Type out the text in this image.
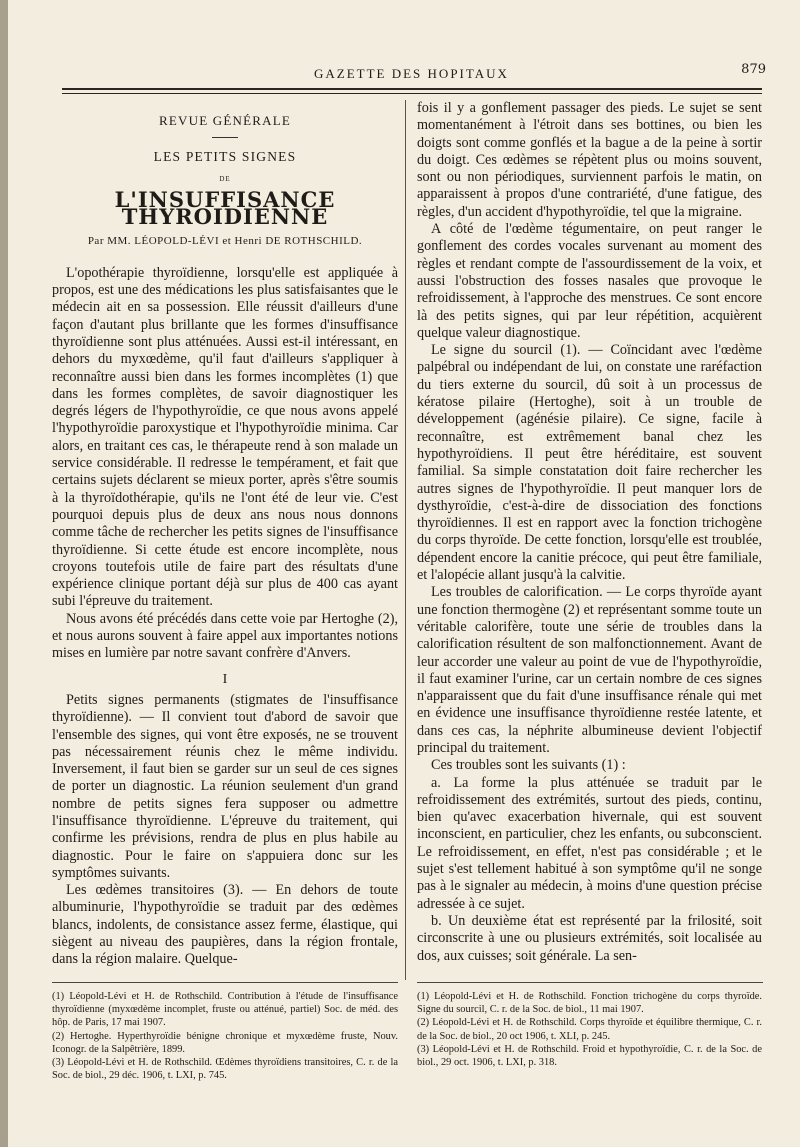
GAZETTE DES HOPITAUX	879
REVUE GÉNÉRALE
LES PETITS SIGNES
DE
L'INSUFFISANCE THYROIDIENNE
Par MM. LÉOPOLD-LÉVI et Henri DE ROTHSCHILD.

L'opothérapie thyroïdienne, lorsqu'elle est appliquée à propos, est une des médications les plus satisfaisantes que le médecin ait en sa possession. Elle réussit d'ailleurs d'une façon d'autant plus brillante que les formes d'insuffisance thyroïdienne sont plus atténuées. Aussi est-il intéressant, en dehors du myxœdème, qu'il faut d'ailleurs s'appliquer à reconnaître aussi bien dans les formes incomplètes (1) que dans les formes complètes, de savoir diagnostiquer les degrés légers de l'hypothyroïdie, ce que nous avons appelé l'hypothyroïdie paroxystique et l'hypothyroïdie minima. Car alors, en traitant ces cas, le thérapeute rend à son malade un service considérable. Il redresse le tempérament, et fait que certains sujets déclarent se mieux porter, après s'être soumis à la thyroïdothérapie, qu'ils ne l'ont été de leur vie. C'est pourquoi depuis plus de deux ans nous nous donnons comme tâche de rechercher les petits signes de l'insuffisance thyroïdienne. Si cette étude est encore incomplète, nous croyons toutefois utile de faire part des résultats d'une expérience clinique portant déjà sur plus de 400 cas ayant subi l'épreuve du traitement.

Nous avons été précédés dans cette voie par Hertoghe (2), et nous aurons souvent à faire appel aux importantes notions mises en lumière par notre savant confrère d'Anvers.

I

Petits signes permanents (stigmates de l'insuffisance thyroïdienne). — Il convient tout d'abord de savoir que l'ensemble des signes, qui vont être exposés, ne se trouvent pas nécessairement réunis chez le même individu. Inversement, il faut bien se garder sur un seul de ces signes de porter un diagnostic. La réunion seulement d'un grand nombre de petits signes fera supposer ou admettre l'insuffisance thyroïdienne. L'épreuve du traitement, qui confirme les prévisions, rendra de plus en plus habile au diagnostic. Pour le faire on s'appuiera donc sur les symptômes suivants.

Les œdèmes transitoires (3). — En dehors de toute albuminurie, l'hypothyroïdie se traduit par des œdèmes blancs, indolents, de consistance assez ferme, élastique, qui siègent au niveau des paupières, dans la région frontale, dans la région malaire. Quelque-

fois il y a gonflement passager des pieds. Le sujet se sent momentanément à l'étroit dans ses bottines, ou bien les doigts sont comme gonflés et la bague a de la peine à sortir du doigt. Ces œdèmes se répètent plus ou moins souvent, sont ou non périodiques, surviennent parfois le matin, on apparaissent à propos d'une contrariété, d'une fatigue, des règles, d'un accident d'hypothyroïdie, tel que la migraine.

A côté de l'œdème tégumentaire, on peut ranger le gonflement des cordes vocales survenant au moment des règles et rendant compte de l'assourdissement de la voix, et aussi l'obstruction des fosses nasales que provoque le refroidissement, à l'approche des menstrues. Ce sont encore là des petits signes, qui par leur répétition, acquièrent quelque valeur diagnostique.

Le signe du sourcil (1). — Coïncidant avec l'œdème palpébral ou indépendant de lui, on constate une raréfaction du tiers externe du sourcil, dû soit à un processus de kératose pilaire (Hertoghe), soit à un trouble de développement (agénésie pilaire). Ce signe, facile à reconnaître, est extrêmement banal chez les hypothyroïdiens. Il peut être héréditaire, est souvent familial. Sa simple constatation doit faire rechercher les autres signes de l'hypothyroïdie. Il peut manquer lors de dysthyroïdie, c'est-à-dire de dissociation des fonctions thyroïdiennes. Il est en rapport avec la fonction trichogène du corps thyroïde. De cette fonction, lorsqu'elle est troublée, dépendent encore la canitie précoce, qui peut être familiale, et l'alopécie allant jusqu'à la calvitie.

Les troubles de calorification. — Le corps thyroïde ayant une fonction thermogène (2) et représentant somme toute un véritable calorifère, toute une série de troubles dans la calorification résultent de son malfonctionnement. Avant de leur accorder une valeur au point de vue de l'hypothyroïdie, il faut examiner l'urine, car un certain nombre de ces signes n'apparaissent que du fait d'une insuffisance rénale qui met en évidence une insuffisance thyroïdienne restée latente, et dans ces cas, la néphrite albumineuse devient l'objectif principal du traitement.

Ces troubles sont les suivants (1) :

a. La forme la plus atténuée se traduit par le refroidissement des extrémités, surtout des pieds, continu, bien qu'avec exacerbation hivernale, qui est souvent inconscient, en particulier, chez les enfants, ou subconscient. Le refroidissement, en effet, n'est pas considérable ; et le sujet s'est tellement habitué à son symptôme qu'il ne songe pas à le signaler au médecin, à moins d'une question précise adressée à ce sujet.

b. Un deuxième état est représenté par la frilosité, soit circonscrite à une ou plusieurs extrémités, soit localisée au dos, aux cuisses; soit générale. La sen-

(1) Léopold-Lévi et H. de Rothschild. Contribution à l'étude de l'insuffisance thyroïdienne (myxœdème incomplet, fruste ou atténué, partiel) Soc. de méd. des hôp. de Paris, 17 mai 1907.

(2) Hertoghe. Hyperthyroïdie bénigne chronique et myxœdème fruste, Nouv. Iconogr. de la Salpêtrière, 1899.

(3) Léopold-Lévi et H. de Rothschild. Œdèmes thyroïdiens transitoires, C. r. de la Soc. de biol., 29 déc. 1906, t. LXI, p. 745.

(1) Léopold-Lévi et H. de Rothschild. Fonction trichogène du corps thyroïde. Signe du sourcil, C. r. de la Soc. de biol., 11 mai 1907.

(2) Léopold-Lévi et H. de Rothschild. Corps thyroïde et équilibre thermique, C. r. de la Soc. de biol., 20 oct 1906, t. XLI, p. 245.

(3) Léopold-Lévi et H. de Rothschild. Froid et hypothyroïdie, C. r. de la Soc. de biol., 29 oct. 1906, t. LXI, p. 318.
